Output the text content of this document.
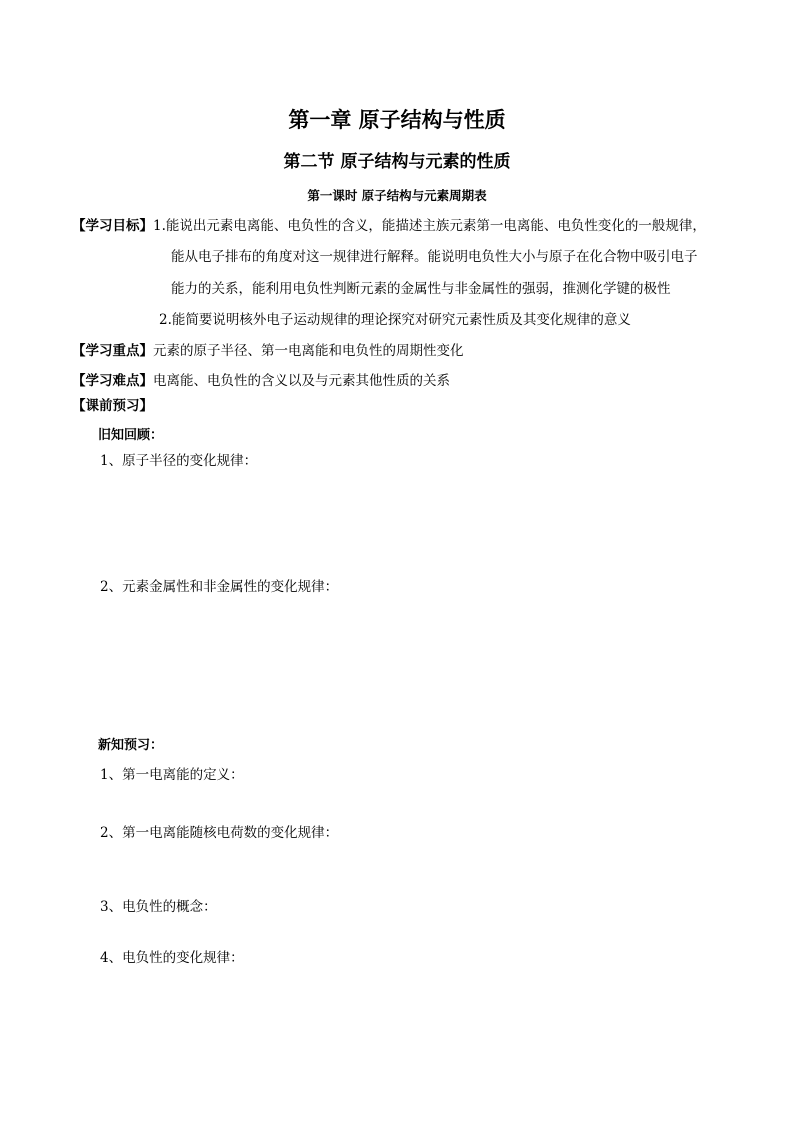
第一章 原子结构与性质
第二节 原子结构与元素的性质
第一课时 原子结构与元素周期表
【学习目标】1.能说出元素电离能、电负性的含义，能描述主族元素第一电离能、电负性变化的一般规律，
能从电子排布的角度对这一规律进行解释。能说明电负性大小与原子在化合物中吸引电子
能力的关系，能利用电负性判断元素的金属性与非金属性的强弱，推测化学键的极性
2.能简要说明核外电子运动规律的理论探究对研究元素性质及其变化规律的意义
【学习重点】元素的原子半径、第一电离能和电负性的周期性变化
【学习难点】电离能、电负性的含义以及与元素其他性质的关系
【课前预习】
旧知回顾：
1、原子半径的变化规律：
2、元素金属性和非金属性的变化规律：
新知预习：
1、第一电离能的定义：
2、第一电离能随核电荷数的变化规律：
3、电负性的概念：
4、电负性的变化规律：
